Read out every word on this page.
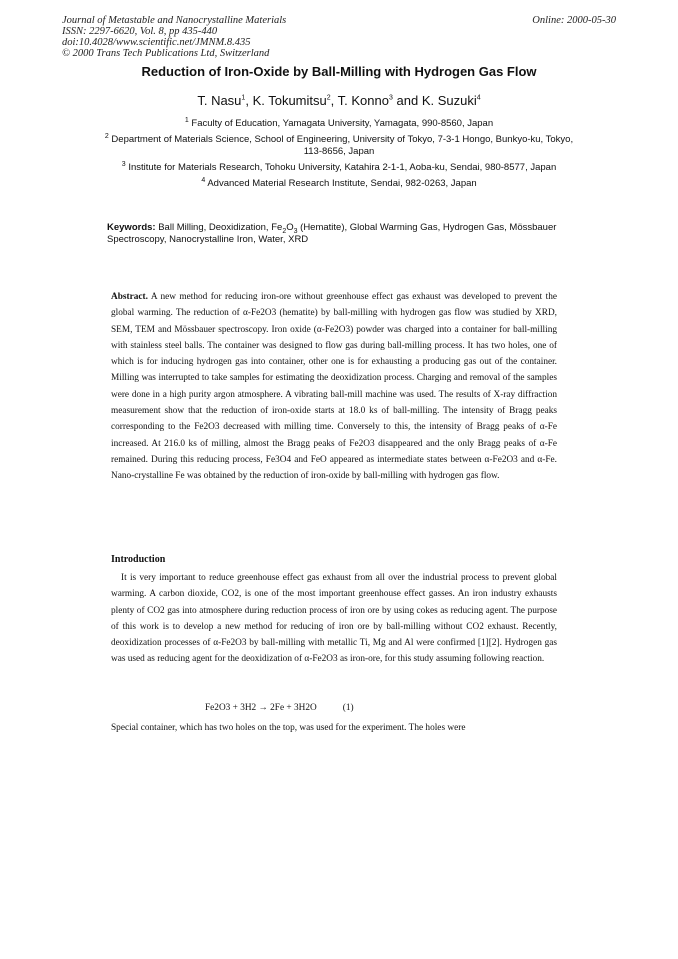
Journal of Metastable and Nanocrystalline Materials
ISSN: 2297-6620, Vol. 8, pp 435-440
doi:10.4028/www.scientific.net/JMNM.8.435
© 2000 Trans Tech Publications Ltd, Switzerland
Online: 2000-05-30
Reduction of Iron-Oxide by Ball-Milling with Hydrogen Gas Flow
T. Nasu$^1$, K. Tokumitsu$^2$, T. Konno$^3$ and K. Suzuki$^4$
$^1$ Faculty of Education, Yamagata University, Yamagata, 990-8560, Japan
$^2$ Department of Materials Science, School of Engineering, University of Tokyo, 7-3-1 Hongo, Bunkyo-ku, Tokyo, 113-8656, Japan
$^3$ Institute for Materials Research, Tohoku University, Katahira 2-1-1, Aoba-ku, Sendai, 980-8577, Japan
$^4$ Advanced Material Research Institute, Sendai, 982-0263, Japan
Keywords: Ball Milling, Deoxidization, $Fe_2O_3$ (Hematite), Global Warming Gas, Hydrogen Gas, Mössbauer Spectroscopy, Nanocrystalline Iron, Water, XRD
Abstract. A new method for reducing iron-ore without greenhouse effect gas exhaust was developed to prevent the global warming. The reduction of α-Fe2O3 (hematite) by ball-milling with hydrogen gas flow was studied by XRD, SEM, TEM and Mössbauer spectroscopy. Iron oxide (α-Fe2O3) powder was charged into a container for ball-milling with stainless steel balls. The container was designed to flow gas during ball-milling process. It has two holes, one of which is for inducing hydrogen gas into container, other one is for exhausting a producing gas out of the container. Milling was interrupted to take samples for estimating the deoxidization process. Charging and removal of the samples were done in a high purity argon atmosphere. A vibrating ball-mill machine was used. The results of X-ray diffraction measurement show that the reduction of iron-oxide starts at 18.0 ks of ball-milling. The intensity of Bragg peaks corresponding to the Fe2O3 decreased with milling time. Conversely to this, the intensity of Bragg peaks of α-Fe increased. At 216.0 ks of milling, almost the Bragg peaks of Fe2O3 disappeared and the only Bragg peaks of α-Fe remained. During this reducing process, Fe3O4 and FeO appeared as intermediate states between α-Fe2O3 and α-Fe. Nano-crystalline Fe was obtained by the reduction of iron-oxide by ball-milling with hydrogen gas flow.
Introduction
It is very important to reduce greenhouse effect gas exhaust from all over the industrial process to prevent global warming. A carbon dioxide, CO2, is one of the most important greenhouse effect gasses. An iron industry exhausts plenty of CO2 gas into atmosphere during reduction process of iron ore by using cokes as reducing agent. The purpose of this work is to develop a new method for reducing of iron ore by ball-milling without CO2 exhaust. Recently, deoxidization processes of α-Fe2O3 by ball-milling with metallic Ti, Mg and Al were confirmed [1][2]. Hydrogen gas was used as reducing agent for the deoxidization of α-Fe2O3 as iron-ore, for this study assuming following reaction.
Fe2O3 + 3H2 → 2Fe + 3H2O	(1)
Special container, which has two holes on the top, was used for the experiment. The holes were
